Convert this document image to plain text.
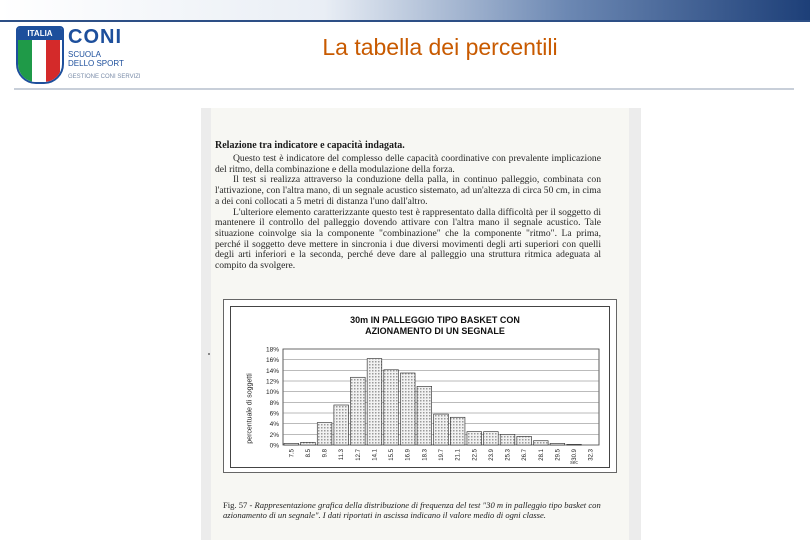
ITALIA CONI
SCUOLA DELLO SPORT
GESTIONE CONI SERVIZI
La tabella dei percentili
Relazione tra indicatore e capacità indagata.

Questo test è indicatore del complesso delle capacità coordinative con prevalente implicazione del ritmo, della combinazione e della modulazione della forza.

Il test si realizza attraverso la conduzione della palla, in continuo palleggio, combinata con l'attivazione, con l'altra mano, di un segnale acustico sistemato, ad un'altezza di circa 50 cm, in cima a dei coni collocati a 5 metri di distanza l'uno dall'altro.

L'ulteriore elemento caratterizzante questo test è rappresentato dalla difficoltà per il soggetto di mantenere il controllo del palleggio dovendo attivare con l'altra mano il segnale acustico. Tale situazione coinvolge sia la componente "combinazione" che la componente "ritmo". La prima, perché il soggetto deve mettere in sincronia i due diversi movimenti degli arti superiori con quelli degli arti inferiori e la seconda, perché deve dare al palleggio una struttura ritmica adeguata al compito da svolgere.

30m IN PALLEGGIO TIPO BASKET CON AZIONAMENTO DI UN SEGNALE
percentuale di soggetti
0%
2%
4%
6%
8%
10%
12%
14%
16%
18%
7.5 8.5 9.8 11.3 12.7 14.1 15.5 16.9 18.3 19.7 21.1 22.5 23.9 25.3 26.7 28.1 29.5 30.9 32.3
sec
Fig. 57 - Rappresentazione grafica della distribuzione di frequenza del test "30 m in palleggio tipo basket con azionamento di un segnale". I dati riportati in ascissa indicano il valore medio di ogni classe.
